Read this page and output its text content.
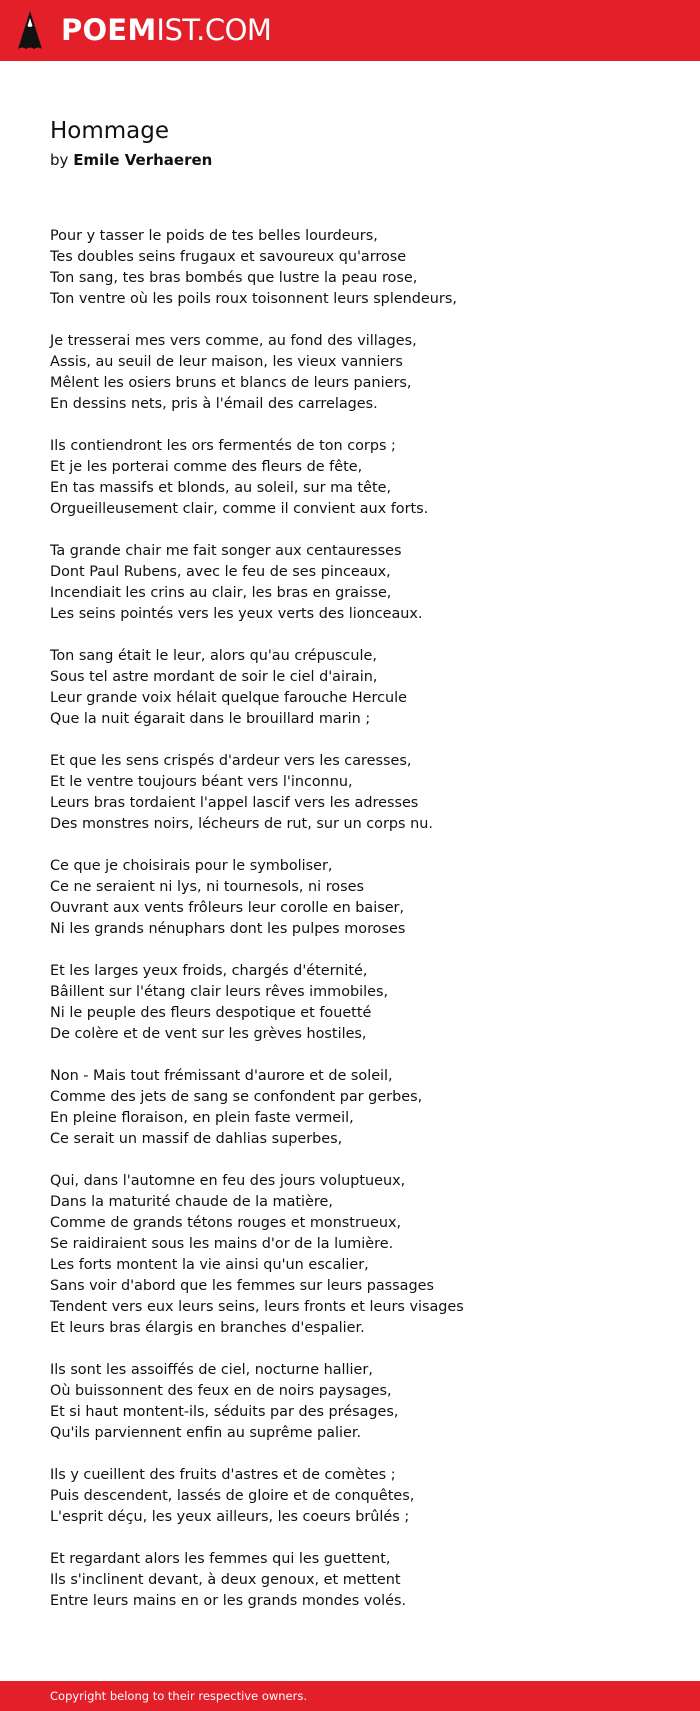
POEMIST.COM
Hommage

by Emile Verhaeren

Pour y tasser le poids de tes belles lourdeurs,
Tes doubles seins frugaux et savoureux qu'arrose
Ton sang, tes bras bombés que lustre la peau rose,
Ton ventre où les poils roux toisonnent leurs splendeurs,
Je tresserai mes vers comme, au fond des villages,
Assis, au seuil de leur maison, les vieux vanniers
Mêlent les osiers bruns et blancs de leurs paniers,
En dessins nets, pris à l'émail des carrelages.
Ils contiendront les ors fermentés de ton corps ;
Et je les porterai comme des fleurs de fête,
En tas massifs et blonds, au soleil, sur ma tête,
Orgueilleusement clair, comme il convient aux forts.
Ta grande chair me fait songer aux centauresses
Dont Paul Rubens, avec le feu de ses pinceaux,
Incendiait les crins au clair, les bras en graisse,
Les seins pointés vers les yeux verts des lionceaux.
Ton sang était le leur, alors qu'au crépuscule,
Sous tel astre mordant de soir le ciel d'airain,
Leur grande voix hélait quelque farouche Hercule
Que la nuit égarait dans le brouillard marin ;
Et que les sens crispés d'ardeur vers les caresses,
Et le ventre toujours béant vers l'inconnu,
Leurs bras tordaient l'appel lascif vers les adresses
Des monstres noirs, lécheurs de rut, sur un corps nu.
Ce que je choisirais pour le symboliser,
Ce ne seraient ni lys, ni tournesols, ni roses
Ouvrant aux vents frôleurs leur corolle en baiser,
Ni les grands nénuphars dont les pulpes moroses
Et les larges yeux froids, chargés d'éternité,
Bâillent sur l'étang clair leurs rêves immobiles,
Ni le peuple des fleurs despotique et fouetté
De colère et de vent sur les grèves hostiles,
Non - Mais tout frémissant d'aurore et de soleil,
Comme des jets de sang se confondent par gerbes,
En pleine floraison, en plein faste vermeil,
Ce serait un massif de dahlias superbes,
Qui, dans l'automne en feu des jours voluptueux,
Dans la maturité chaude de la matière,
Comme de grands tétons rouges et monstrueux,
Se raidiraient sous les mains d'or de la lumière.
Les forts montent la vie ainsi qu'un escalier,
Sans voir d'abord que les femmes sur leurs passages
Tendent vers eux leurs seins, leurs fronts et leurs visages
Et leurs bras élargis en branches d'espalier.
Ils sont les assoiffés de ciel, nocturne hallier,
Où buissonnent des feux en de noirs paysages,
Et si haut montent-ils, séduits par des présages,
Qu'ils parviennent enfin au suprême palier.
Ils y cueillent des fruits d'astres et de comètes ;
Puis descendent, lassés de gloire et de conquêtes,
L'esprit déçu, les yeux ailleurs, les coeurs brûlés ;
Et regardant alors les femmes qui les guettent,
Ils s'inclinent devant, à deux genoux, et mettent
Entre leurs mains en or les grands mondes volés.
Copyright belong to their respective owners.
